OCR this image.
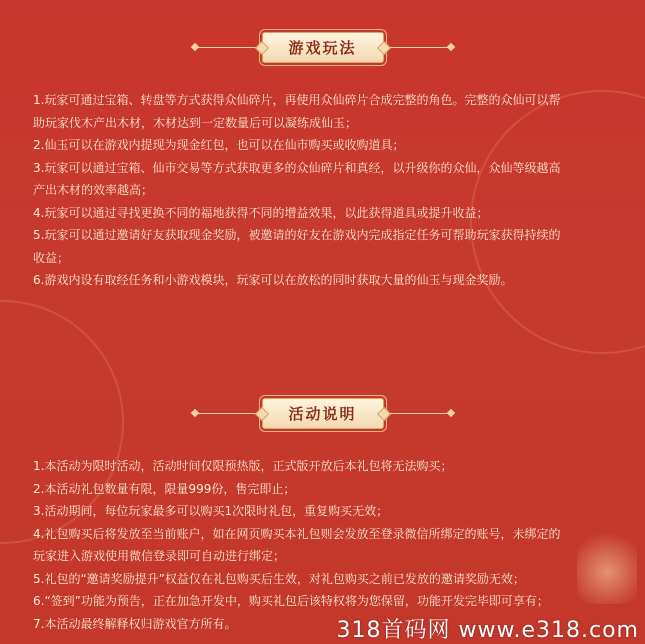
游戏玩法

1.玩家可通过宝箱、转盘等方式获得众仙碎片，再使用众仙碎片合成完整的角色。完整的众仙可以帮

助玩家伐木产出木材，木材达到一定数量后可以凝练成仙玉；

2.仙玉可以在游戏内提现为现金红包，也可以在仙市购买或收购道具；

3.玩家可以通过宝箱、仙市交易等方式获取更多的众仙碎片和真经，以升级你的众仙，众仙等级越高

产出木材的效率越高；

4.玩家可以通过寻找更换不同的福地获得不同的增益效果，以此获得道具或提升收益；

5.玩家可以通过邀请好友获取现金奖励，被邀请的好友在游戏内完成指定任务可帮助玩家获得持续的

收益；

6.游戏内设有取经任务和小游戏模块，玩家可以在放松的同时获取大量的仙玉与现金奖励。

活动说明

1.本活动为限时活动，活动时间仅限预热版，正式版开放后本礼包将无法购买；

2.本活动礼包数量有限，限量999份，售完即止；

3.活动期间，每位玩家最多可以购买1次限时礼包，重复购买无效；

4.礼包购买后将发放至当前账户，如在网页购买本礼包则会发放至登录微信所绑定的账号，未绑定的

玩家进入游戏使用微信登录即可自动进行绑定；

5.礼包的“邀请奖励提升”权益仅在礼包购买后生效，对礼包购买之前已发放的邀请奖励无效；

6.“签到”功能为预告，正在加急开发中，购买礼包后该特权将为您保留，功能开发完毕即可享有；

7.本活动最终解释权归游戏官方所有。	318首码网 www.e318.com
